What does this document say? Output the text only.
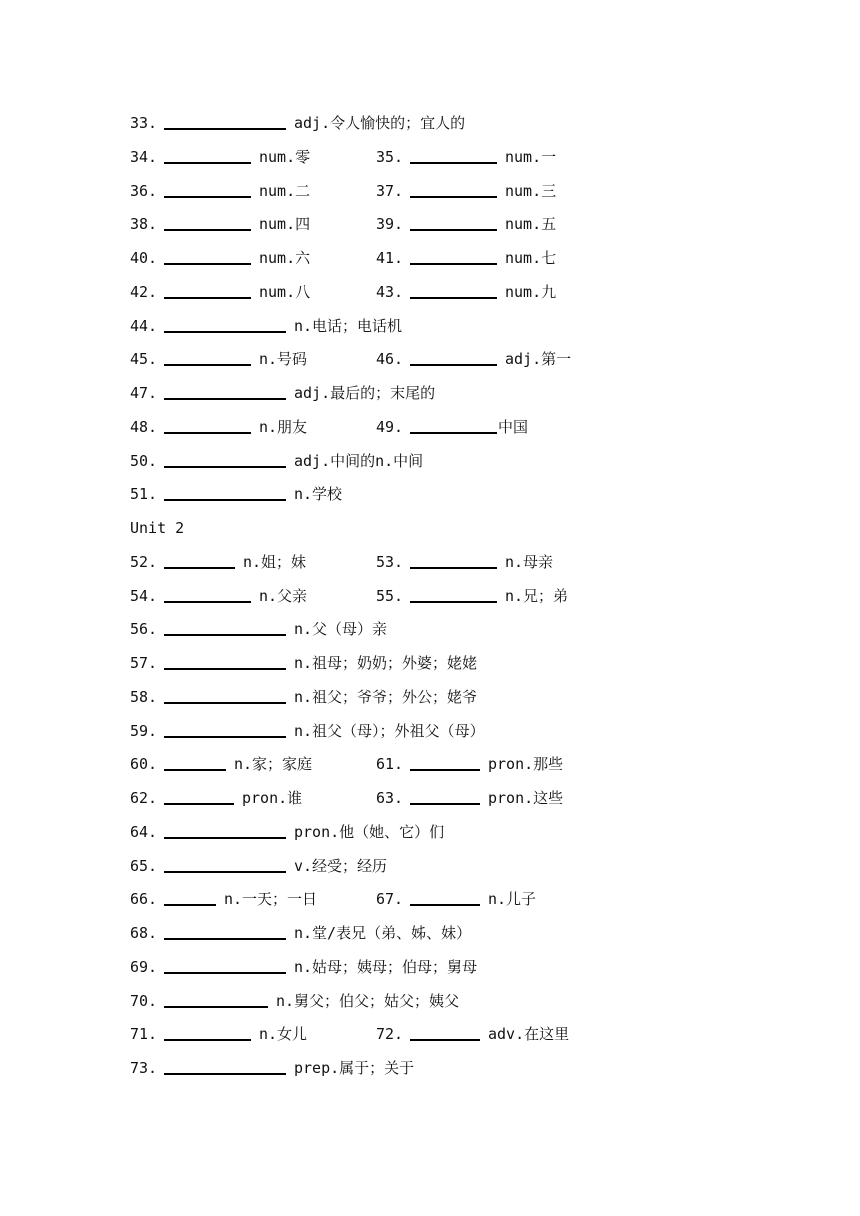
33.	adj.令人愉快的；宜人的
34.	num.零	35.	num.一
36.	num.二	37.	num.三
38.	num.四	39.	num.五
40.	num.六	41.	num.七
42.	num.八	43.	num.九
44.	n.电话；电话机
45.	n.号码	46.	adj.第一
47.	adj.最后的；末尾的
48.	n.朋友	49.	中国
50.	adj.中间的n.中间
51.	n.学校
Unit 2
52.	n.姐；妹	53.	n.母亲
54.	n.父亲	55.	n.兄；弟
56.	n.父（母）亲
57.	n.祖母；奶奶；外婆；姥姥
58.	n.祖父；爷爷；外公；姥爷
59.	n.祖父（母）；外祖父（母）
60.	n.家；家庭	61.	pron.那些
62.	pron.谁	63.	pron.这些
64.	pron.他（她、它）们
65.	v.经受；经历
66.	n.一天；一日	67.	n.儿子
68.	n.堂/表兄（弟、姊、妹）
69.	n.姑母；姨母；伯母；舅母
70.	n.舅父；伯父；姑父；姨父
71.	n.女儿	72.	adv.在这里
73.	prep.属于；关于
